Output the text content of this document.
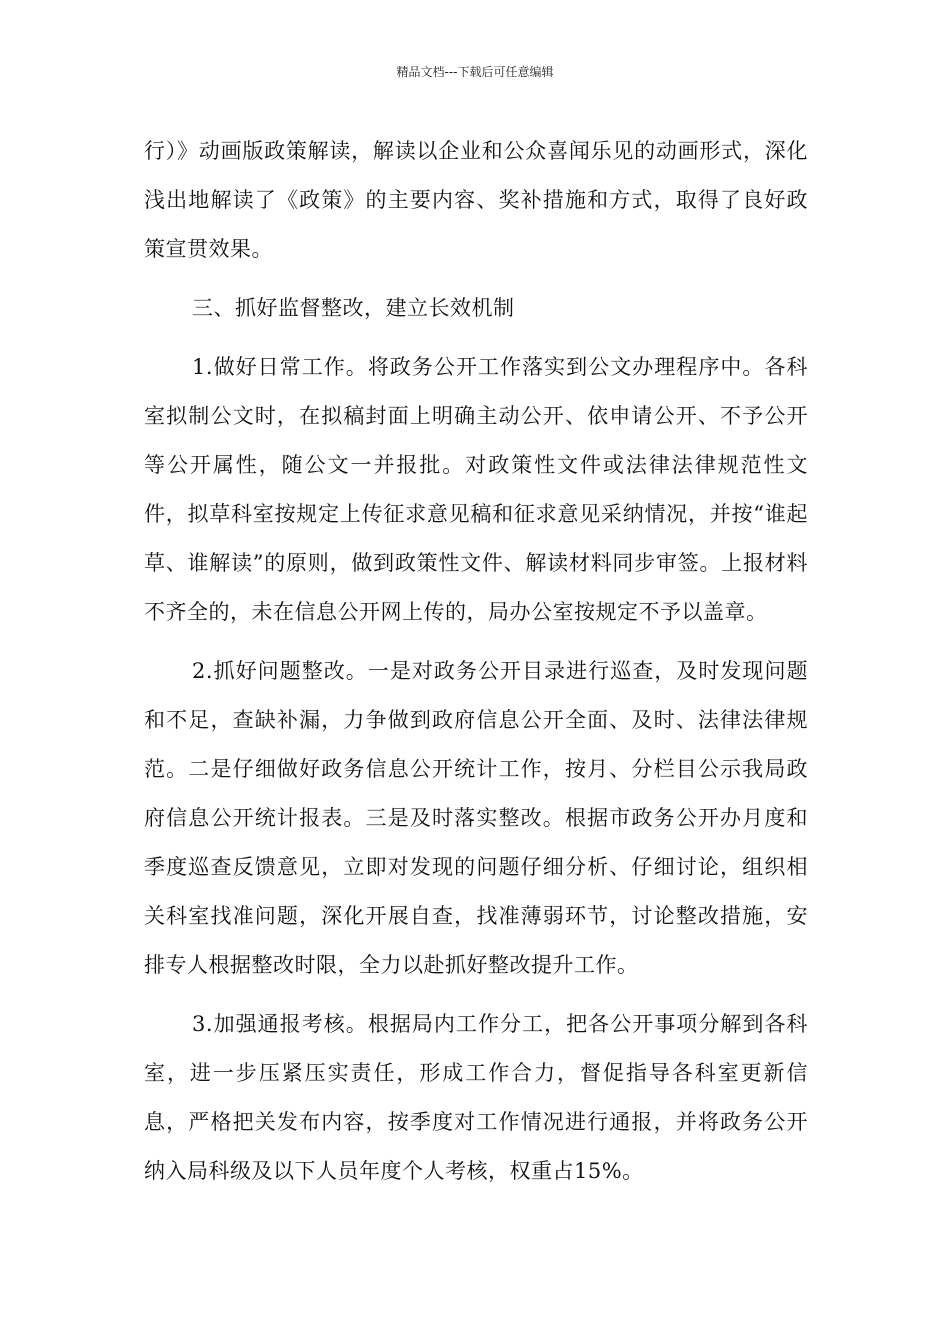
精品文档---下载后可任意编辑

行）》动画版政策解读，解读以企业和公众喜闻乐见的动画形式，深化浅出地解读了《政策》的主要内容、奖补措施和方式，取得了良好政策宣贯效果。

三、抓好监督整改，建立长效机制

1.做好日常工作。将政务公开工作落实到公文办理程序中。各科室拟制公文时，在拟稿封面上明确主动公开、依申请公开、不予公开等公开属性，随公文一并报批。对政策性文件或法律法律规范性文件，拟草科室按规定上传征求意见稿和征求意见采纳情况，并按“谁起草、谁解读”的原则，做到政策性文件、解读材料同步审签。上报材料不齐全的，未在信息公开网上传的，局办公室按规定不予以盖章。

2.抓好问题整改。一是对政务公开目录进行巡查，及时发现问题和不足，查缺补漏，力争做到政府信息公开全面、及时、法律法律规范。二是仔细做好政务信息公开统计工作，按月、分栏目公示我局政府信息公开统计报表。三是及时落实整改。根据市政务公开办月度和季度巡查反馈意见，立即对发现的问题仔细分析、仔细讨论，组织相关科室找准问题，深化开展自查，找准薄弱环节，讨论整改措施，安排专人根据整改时限，全力以赴抓好整改提升工作。

3.加强通报考核。根据局内工作分工，把各公开事项分解到各科室，进一步压紧压实责任，形成工作合力，督促指导各科室更新信息，严格把关发布内容，按季度对工作情况进行通报，并将政务公开纳入局科级及以下人员年度个人考核，权重占15%。
